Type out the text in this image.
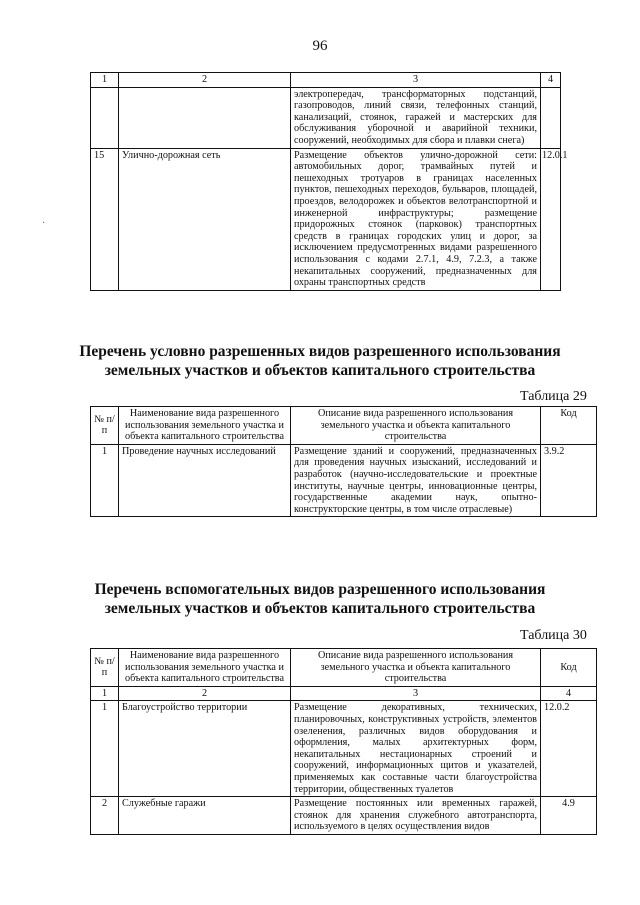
96
·
1	2	3	4
		электропередач, трансформаторных подстанций, газопроводов, линий связи, телефонных станций, канализаций, стоянок, гаражей и мастерских для обслуживания уборочной и аварийной техники, сооружений, необходимых для сбора и плавки снега)	
15	Улично-дорожная сеть	Размещение объектов улично-дорожной сети: автомобильных дорог, трамвайных путей и пешеходных тротуаров в границах населенных пунктов, пешеходных переходов, бульваров, площадей, проездов, велодорожек и объектов велотранспортной и инженерной инфраструктуры; размещение придорожных стоянок (парковок) транспортных средств в границах городских улиц и дорог, за исключением предусмотренных видами разрешенного использования с кодами 2.7.1, 4.9, 7.2.3, а также некапитальных сооружений, предназначенных для охраны транспортных средств	12.0.1
Перечень условно разрешенных видов разрешенного использования
земельных участков и объектов капитального строительства
Таблица 29
№ п/п	Наименование вида разрешенного использования земельного участка и объекта капитального строительства	Описание вида разрешенного использования земельного участка и объекта капитального строительства	Код
1	Проведение научных исследований	Размещение зданий и сооружений, предназначенных для проведения научных изысканий, исследований и разработок (научно-исследовательские и проектные институты, научные центры, инновационные центры, государственные академии наук, опытно-конструкторские центры, в том числе отраслевые)	3.9.2
Перечень вспомогательных видов разрешенного использования
земельных участков и объектов капитального строительства
Таблица 30
№ п/п	Наименование вида разрешенного использования земельного участка и объекта капитального строительства	Описание вида разрешенного использования земельного участка и объекта капитального строительства	Код
1	2	3	4
1	Благоустройство территории	Размещение декоративных, технических, планировочных, конструктивных устройств, элементов озеленения, различных видов оборудования и оформления, малых архитектурных форм, некапитальных нестационарных строений и сооружений, информационных щитов и указателей, применяемых как составные части благоустройства территории, общественных туалетов	12.0.2
2	Служебные гаражи	Размещение постоянных или временных гаражей, стоянок для хранения служебного автотранспорта, используемого в целях осуществления видов	4.9
